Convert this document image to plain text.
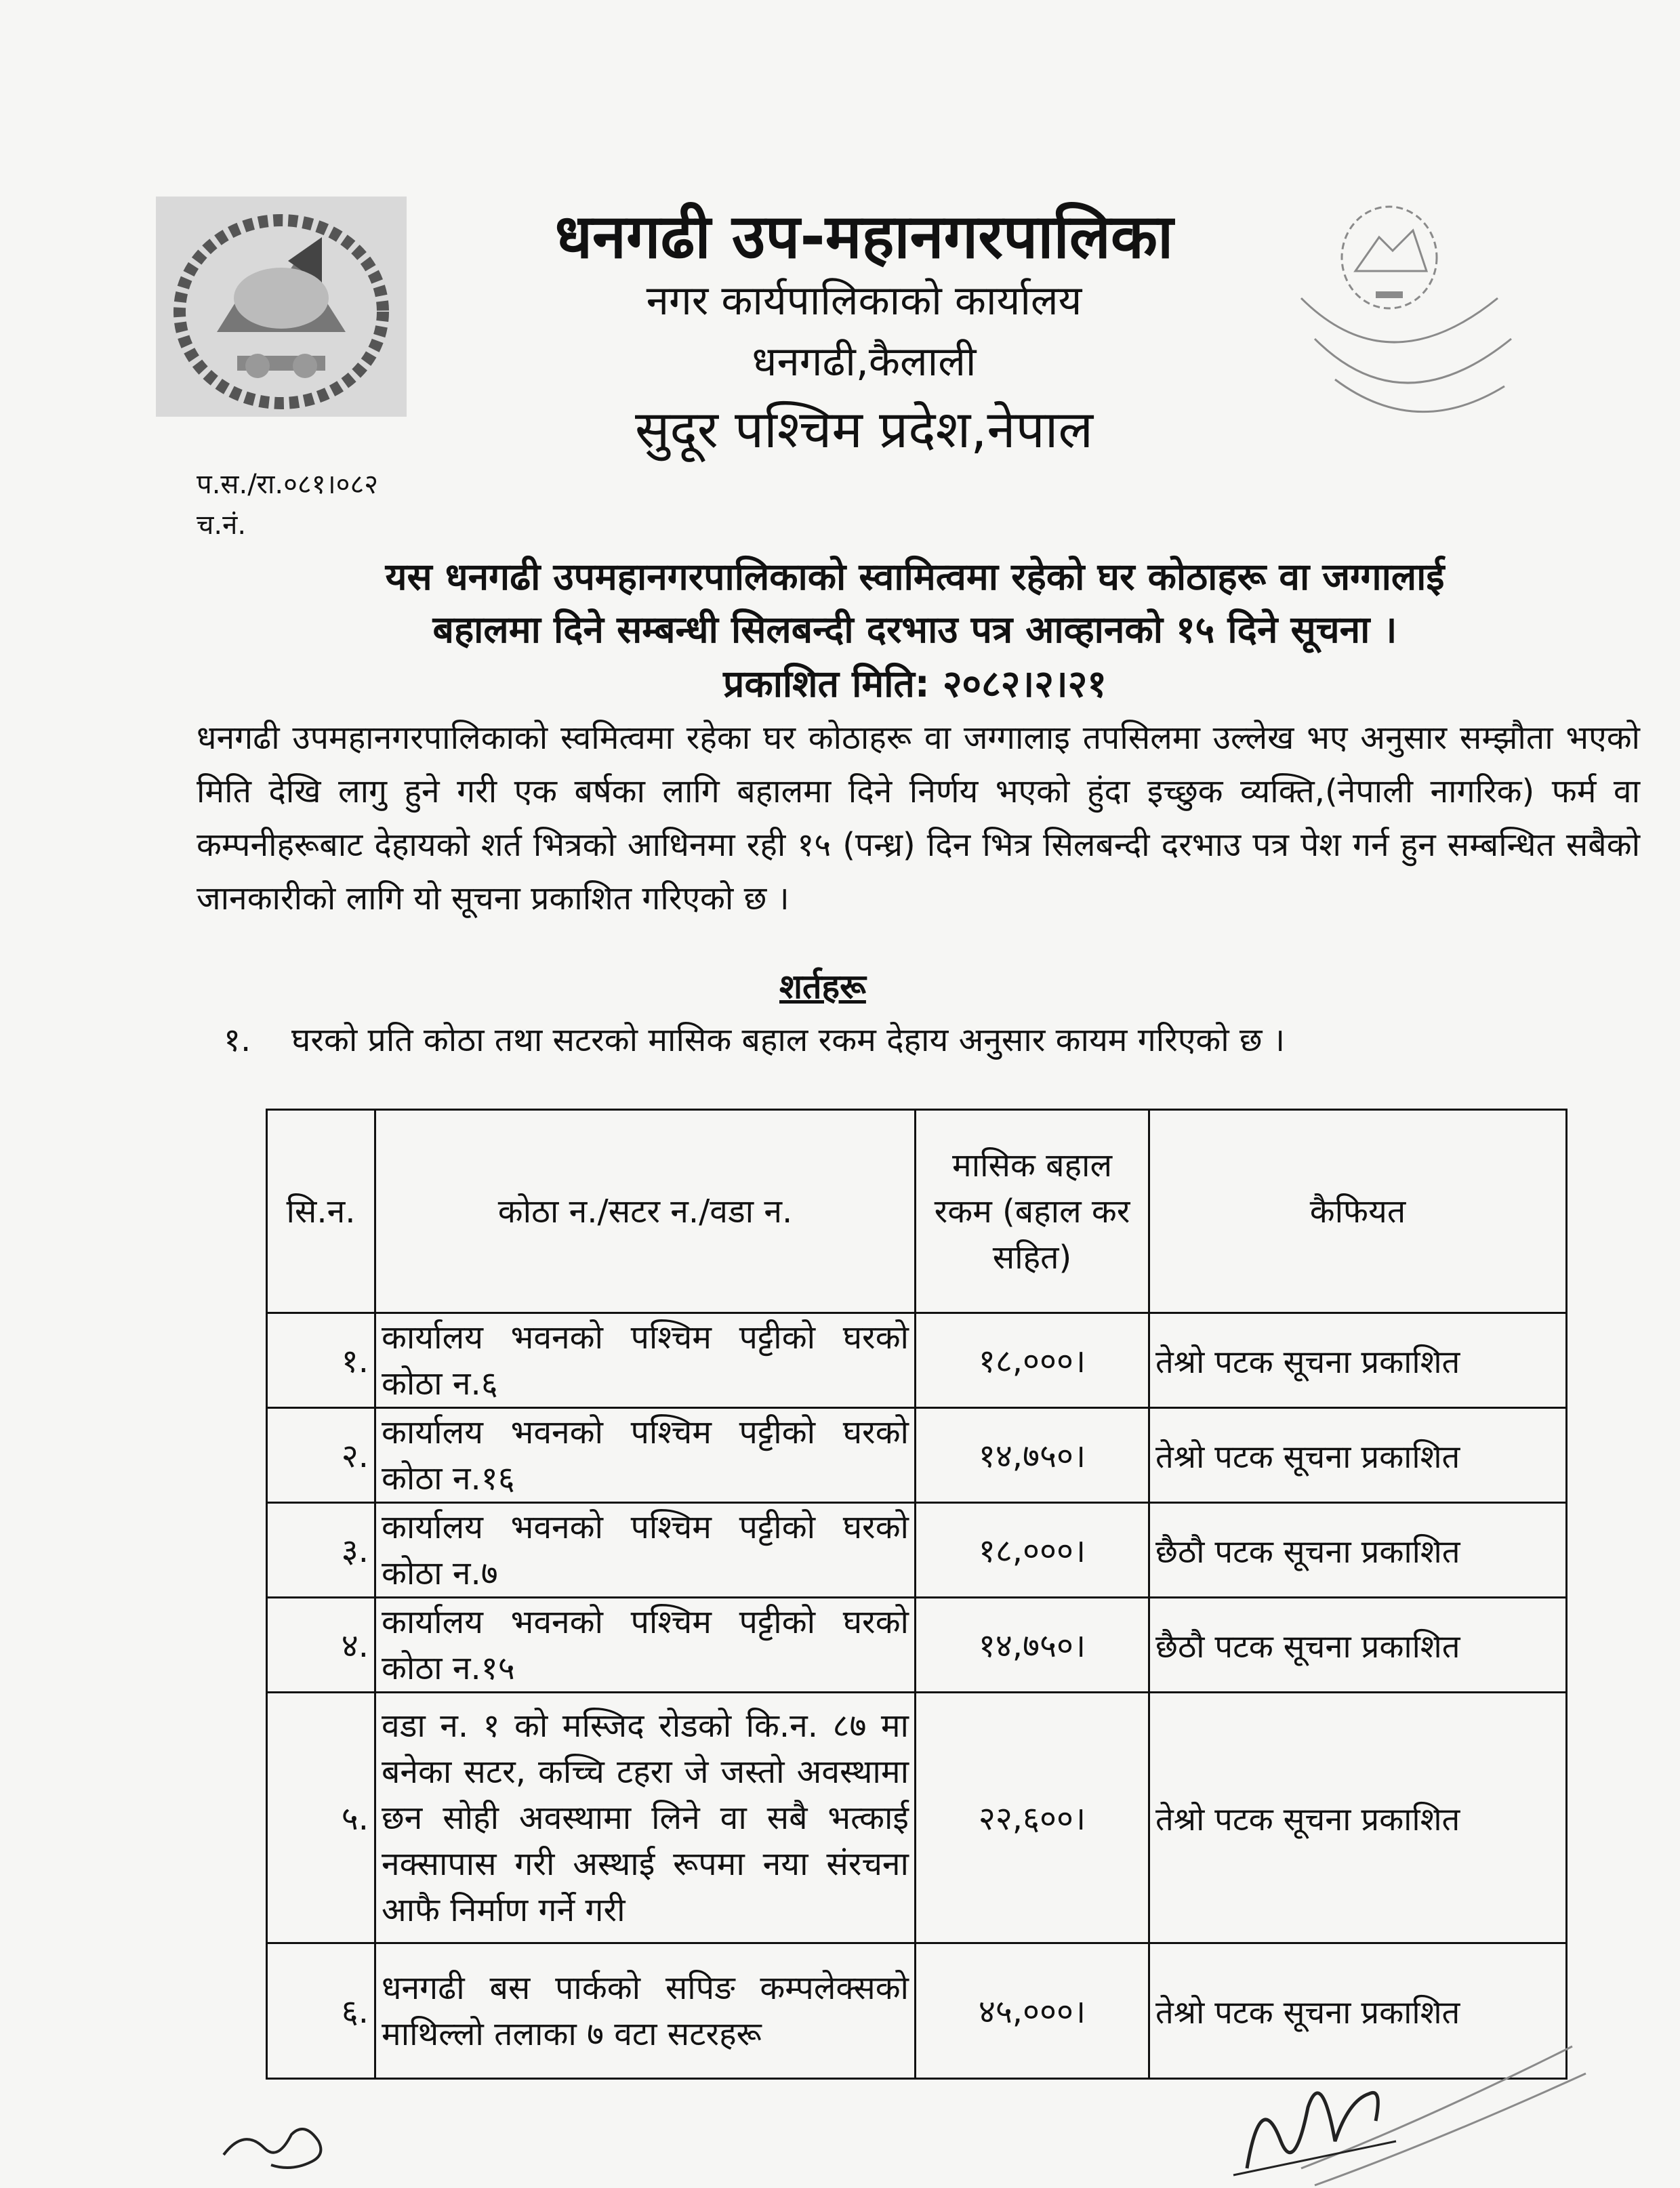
धनगढी उप-महानगरपालिका
नगर कार्यपालिकाको कार्यालय
धनगढी,कैलाली
सुदूर पश्चिम प्रदेश,नेपाल
प.स./रा.०८१।०८२
च.नं.
यस धनगढी उपमहानगरपालिकाको स्वामित्वमा रहेको घर कोठाहरू वा जग्गालाई
बहालमा दिने सम्बन्धी सिलबन्दी दरभाउ पत्र आव्हानको १५ दिने सूचना ।
प्रकाशित मिति: २०८२।२।२१
धनगढी उपमहानगरपालिकाको स्वमित्वमा रहेका घर कोठाहरू वा जग्गालाइ तपसिलमा उल्लेख भए अनुसार सम्झौता भएको मिति देखि लागु हुने गरी एक बर्षका लागि बहालमा दिने निर्णय भएको हुंदा इच्छुक व्यक्ति,(नेपाली नागरिक) फर्म वा कम्पनीहरूबाट देहायको शर्त भित्रको आधिनमा रही १५ (पन्ध्र) दिन भित्र सिलबन्दी दरभाउ पत्र पेश गर्न हुन सम्बन्धित सबैको जानकारीको लागि यो सूचना प्रकाशित गरिएको छ ।
शर्तहरू
१. घरको प्रति कोठा तथा सटरको मासिक बहाल रकम देहाय अनुसार कायम गरिएको छ ।
सि.न.	कोठा न./सटर न./वडा न.	मासिक बहाल रकम (बहाल कर सहित)	कैफियत
१.	कार्यालय भवनको पश्चिम पट्टीको घरको कोठा न.६	१८,०००।	तेश्रो पटक सूचना प्रकाशित
२.	कार्यालय भवनको पश्चिम पट्टीको घरको कोठा न.१६	१४,७५०।	तेश्रो पटक सूचना प्रकाशित
३.	कार्यालय भवनको पश्चिम पट्टीको घरको कोठा न.७	१८,०००।	छैठौ पटक सूचना प्रकाशित
४.	कार्यालय भवनको पश्चिम पट्टीको घरको कोठा न.१५	१४,७५०।	छैठौ पटक सूचना प्रकाशित
५.	वडा न. १ को मस्जिद रोडको कि.न. ८७ मा बनेका सटर, कच्चि टहरा जे जस्तो अवस्थामा छन सोही अवस्थामा लिने वा सबै भत्काई नक्सापास गरी अस्थाई रूपमा नया संरचना आफै निर्माण गर्ने गरी	२२,६००।	तेश्रो पटक सूचना प्रकाशित
६.	धनगढी बस पार्कको सपिङ कम्पलेक्सको माथिल्लो तलाका ७ वटा सटरहरू	४५,०००।	तेश्रो पटक सूचना प्रकाशित
